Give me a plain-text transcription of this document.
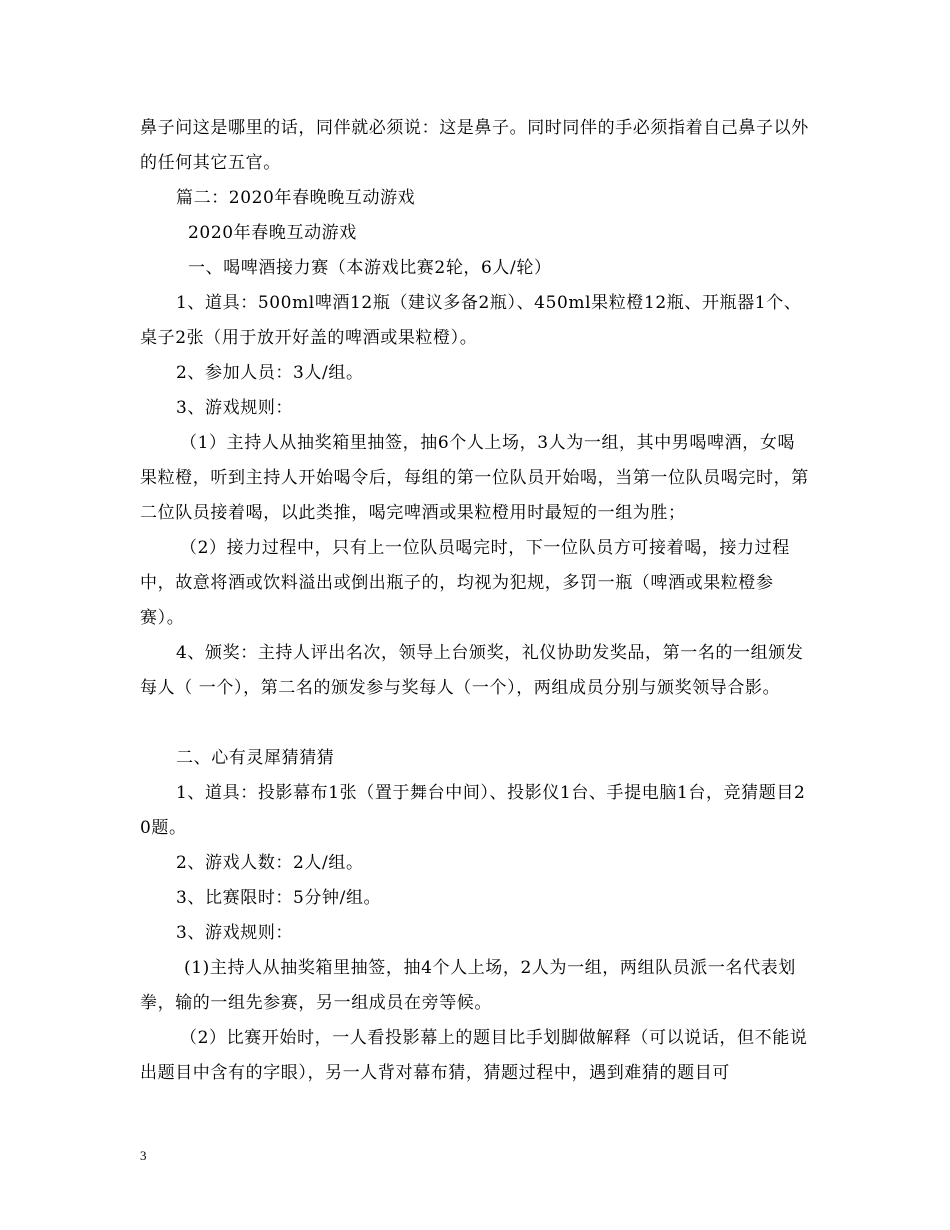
鼻子问这是哪里的话，同伴就必须说：这是鼻子。同时同伴的手必须指着自己鼻子以外的任何其它五官。

篇二：2020年春晚晚互动游戏

2020年春晚互动游戏

一、喝啤酒接力赛（本游戏比赛2轮，6人/轮）

1、道具：500ml啤酒12瓶（建议多备2瓶）、450ml果粒橙12瓶、开瓶器1个、桌子2张（用于放开好盖的啤酒或果粒橙）。

2、参加人员：3人/组。

3、游戏规则：

（1）主持人从抽奖箱里抽签，抽6个人上场，3人为一组，其中男喝啤酒，女喝果粒橙，听到主持人开始喝令后，每组的第一位队员开始喝，当第一位队员喝完时，第二位队员接着喝，以此类推，喝完啤酒或果粒橙用时最短的一组为胜；

（2）接力过程中，只有上一位队员喝完时，下一位队员方可接着喝，接力过程中，故意将酒或饮料溢出或倒出瓶子的，均视为犯规，多罚一瓶（啤酒或果粒橙参赛）。

4、颁奖：主持人评出名次，领导上台颁奖，礼仪协助发奖品，第一名的一组颁发每人（ 一个），第二名的颁发参与奖每人（一个），两组成员分别与颁奖领导合影。

二、心有灵犀猜猜猜

1、道具：投影幕布1张（置于舞台中间）、投影仪1台、手提电脑1台，竞猜题目20题。

2、游戏人数：2人/组。

3、比赛限时：5分钟/组。

3、游戏规则：

(1)主持人从抽奖箱里抽签，抽4个人上场，2人为一组，两组队员派一名代表划拳，输的一组先参赛，另一组成员在旁等候。

（2）比赛开始时，一人看投影幕上的题目比手划脚做解释（可以说话，但不能说出题目中含有的字眼），另一人背对幕布猜，猜题过程中，遇到难猜的题目可

3
